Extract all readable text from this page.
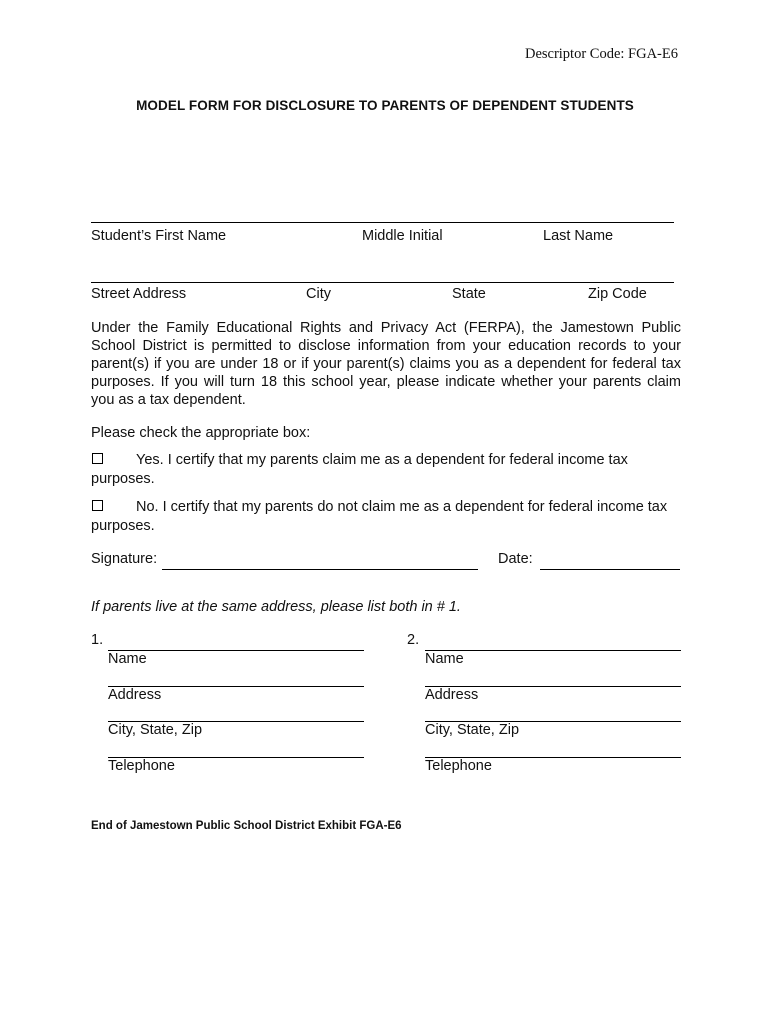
Descriptor Code: FGA-E6
MODEL FORM FOR DISCLOSURE TO PARENTS OF DEPENDENT STUDENTS
Student’s First Name	Middle Initial	Last Name
Street Address	City	State	Zip Code
Under the Family Educational Rights and Privacy Act (FERPA), the Jamestown Public School District is permitted to disclose information from your education records to your parent(s) if you are under 18 or if your parent(s) claims you as a dependent for federal tax purposes. If you will turn 18 this school year, please indicate whether your parents claim you as a tax dependent.
Please check the appropriate box:
Yes. I certify that my parents claim me as a dependent for federal income tax purposes.
No. I certify that my parents do not claim me as a dependent for federal income tax purposes.
Signature:	Date:
If parents live at the same address, please list both in # 1.
1.
Name
Address
City, State, Zip
Telephone
2.
Name
Address
City, State, Zip
Telephone
End of Jamestown Public School District Exhibit FGA-E6
